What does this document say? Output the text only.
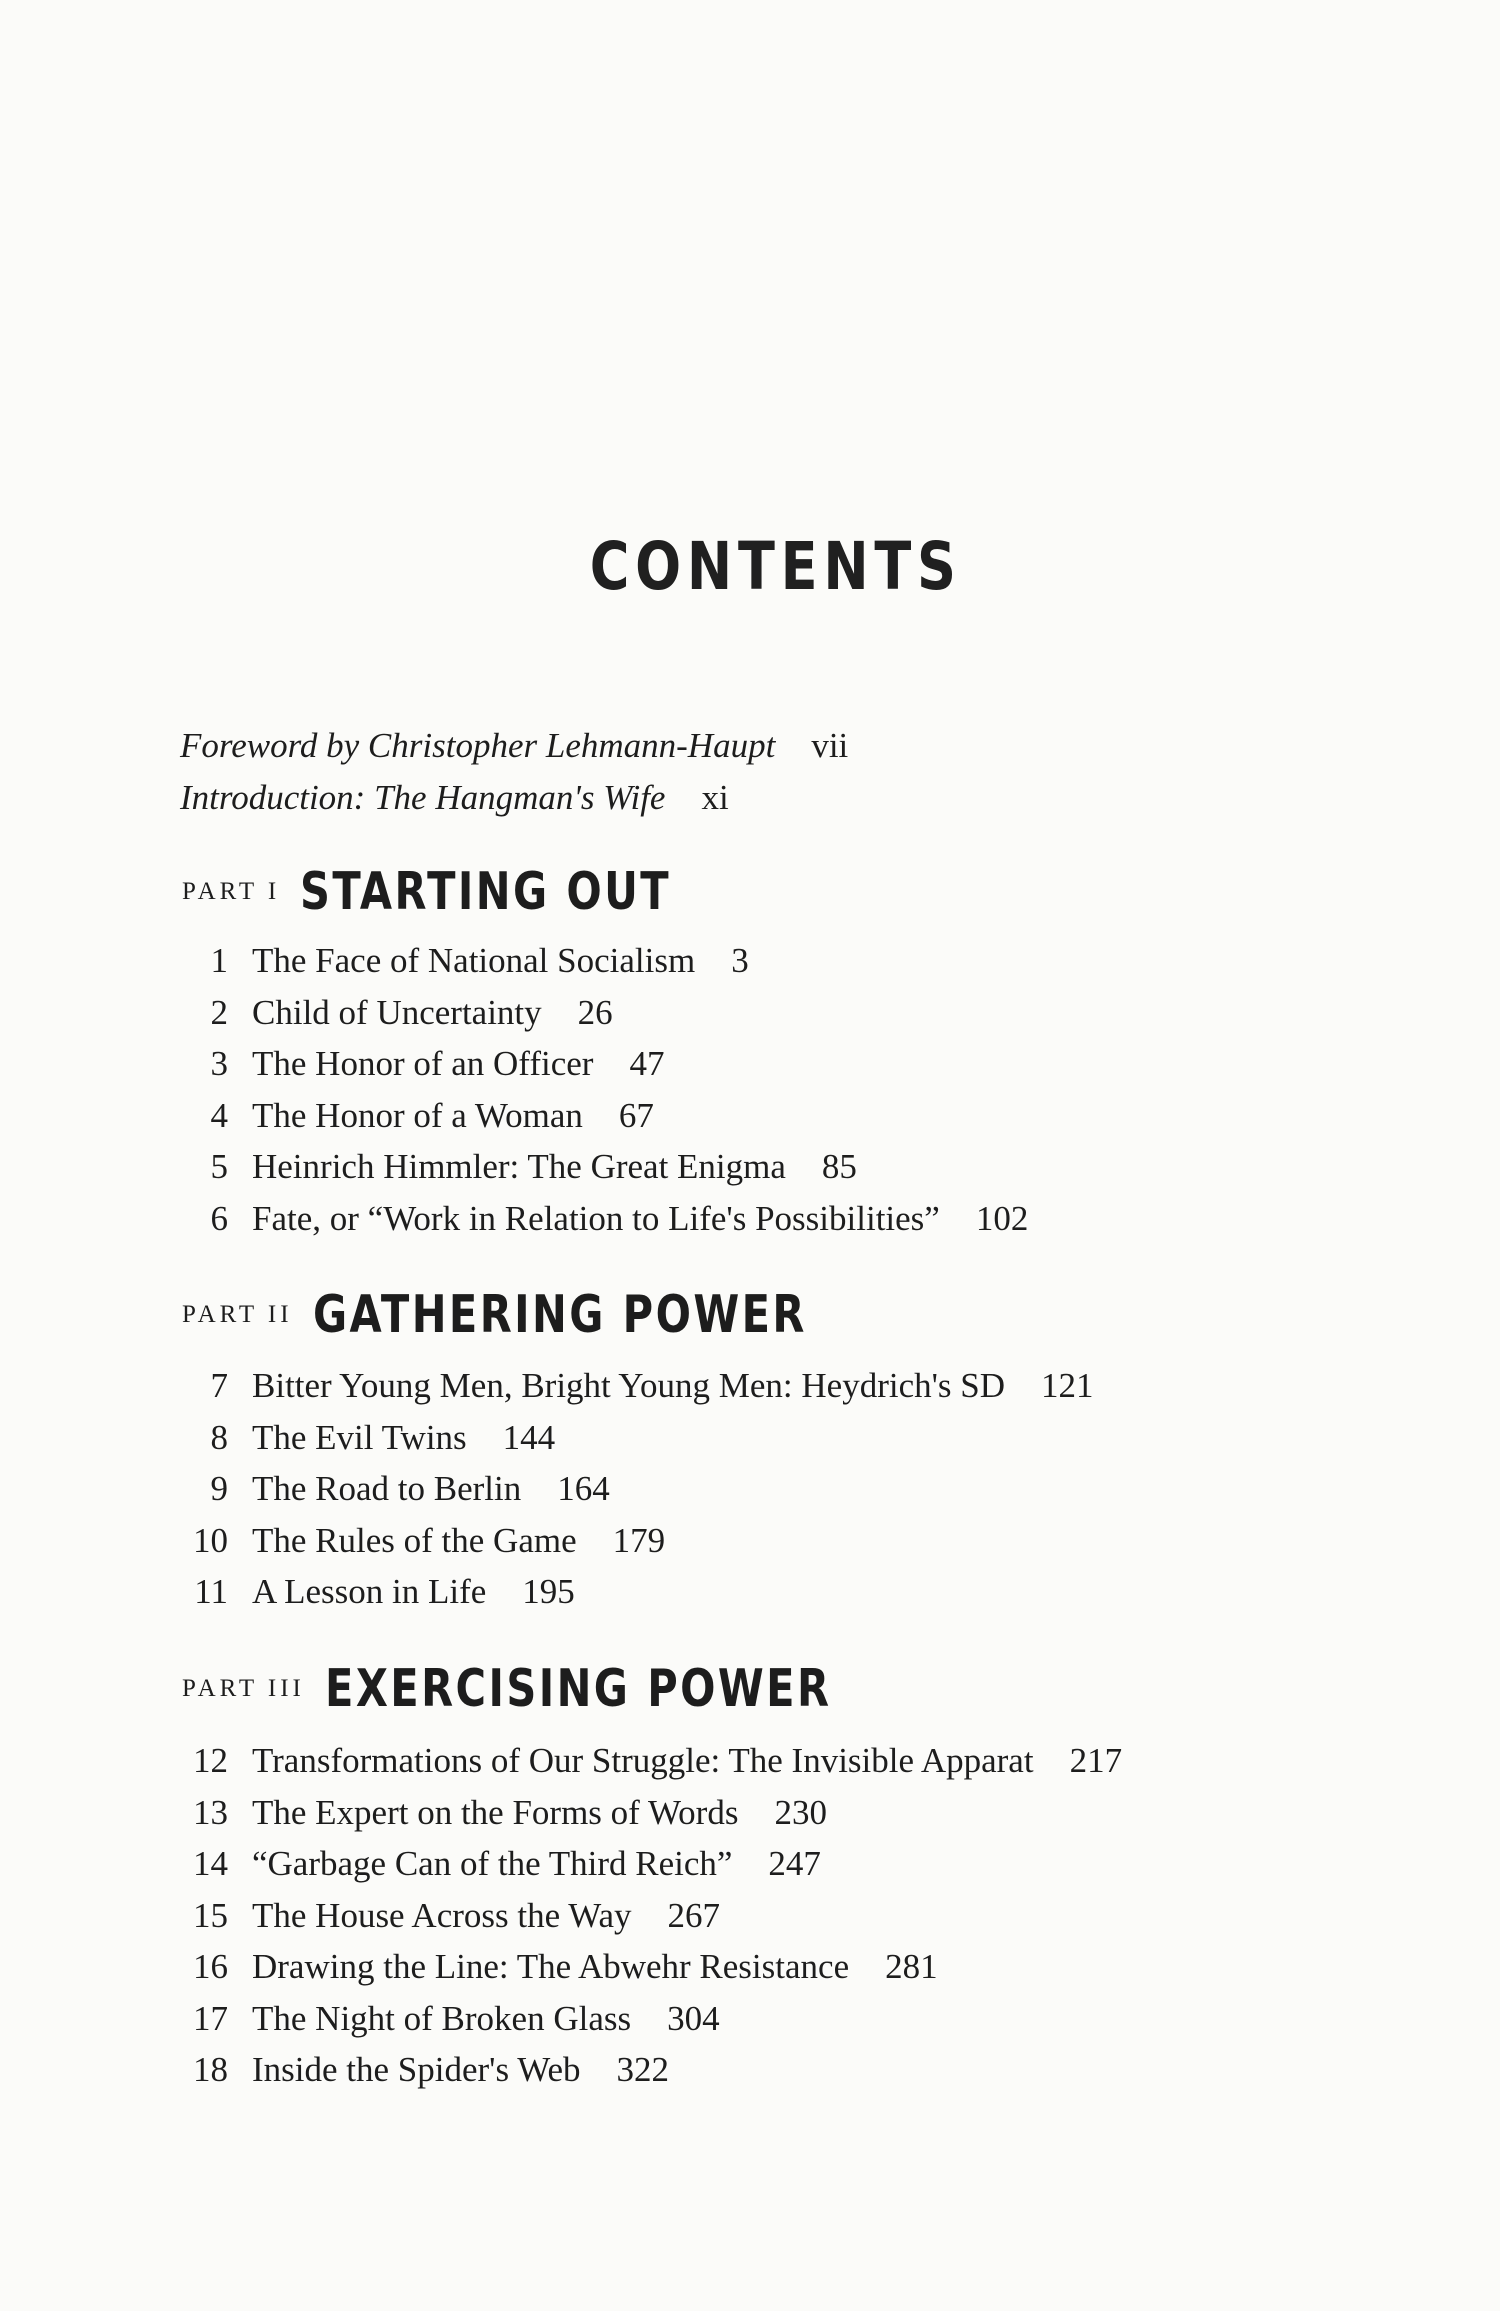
CONTENTS
Foreword by Christopher Lehmann-Haupt vii
Introduction: The Hangman's Wife xi
PART I STARTING OUT
1 The Face of National Socialism 3
2 Child of Uncertainty 26
3 The Honor of an Officer 47
4 The Honor of a Woman 67
5 Heinrich Himmler: The Great Enigma 85
6 Fate, or “Work in Relation to Life's Possibilities” 102
PART II GATHERING POWER
7 Bitter Young Men, Bright Young Men: Heydrich's SD 121
8 The Evil Twins 144
9 The Road to Berlin 164
10 The Rules of the Game 179
11 A Lesson in Life 195
PART III EXERCISING POWER
12 Transformations of Our Struggle: The Invisible Apparat 217
13 The Expert on the Forms of Words 230
14 “Garbage Can of the Third Reich” 247
15 The House Across the Way 267
16 Drawing the Line: The Abwehr Resistance 281
17 The Night of Broken Glass 304
18 Inside the Spider's Web 322
